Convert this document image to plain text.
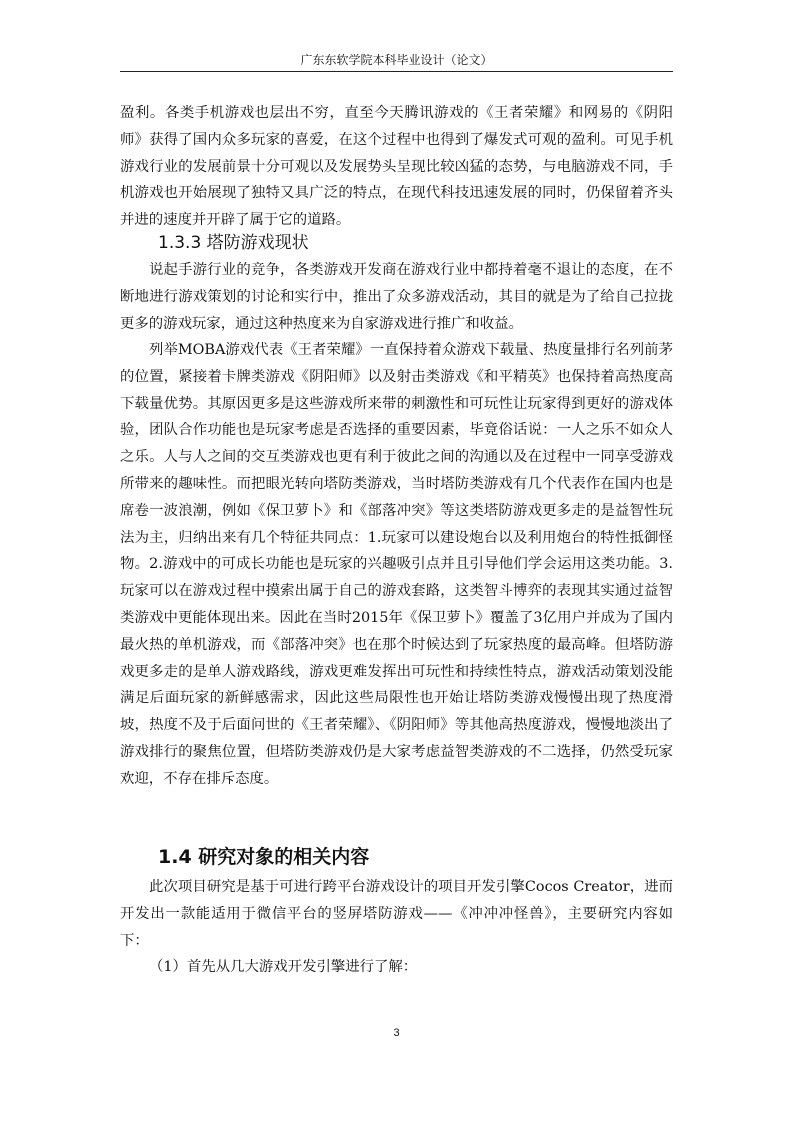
广东东软学院本科毕业设计（论文）

盈利。各类手机游戏也层出不穷，直至今天腾讯游戏的《王者荣耀》和网易的《阴阳师》获得了国内众多玩家的喜爱，在这个过程中也得到了爆发式可观的盈利。可见手机游戏行业的发展前景十分可观以及发展势头呈现比较凶猛的态势，与电脑游戏不同，手机游戏也开始展现了独特又具广泛的特点，在现代科技迅速发展的同时，仍保留着齐头并进的速度并开辟了属于它的道路。

1.3.3 塔防游戏现状

说起手游行业的竞争，各类游戏开发商在游戏行业中都持着毫不退让的态度，在不断地进行游戏策划的讨论和实行中，推出了众多游戏活动，其目的就是为了给自己拉拢更多的游戏玩家，通过这种热度来为自家游戏进行推广和收益。

列举MOBA游戏代表《王者荣耀》一直保持着众游戏下载量、热度量排行名列前茅的位置，紧接着卡牌类游戏《阴阳师》以及射击类游戏《和平精英》也保持着高热度高下载量优势。其原因更多是这些游戏所来带的刺激性和可玩性让玩家得到更好的游戏体验，团队合作功能也是玩家考虑是否选择的重要因素，毕竟俗话说：一人之乐不如众人之乐。人与人之间的交互类游戏也更有利于彼此之间的沟通以及在过程中一同享受游戏所带来的趣味性。而把眼光转向塔防类游戏，当时塔防类游戏有几个代表作在国内也是席卷一波浪潮，例如《保卫萝卜》和《部落冲突》等这类塔防游戏更多走的是益智性玩法为主，归纳出来有几个特征共同点：1.玩家可以建设炮台以及利用炮台的特性抵御怪物。2.游戏中的可成长功能也是玩家的兴趣吸引点并且引导他们学会运用这类功能。3.玩家可以在游戏过程中摸索出属于自己的游戏套路，这类智斗博弈的表现其实通过益智类游戏中更能体现出来。因此在当时2015年《保卫萝卜》覆盖了3亿用户并成为了国内最火热的单机游戏，而《部落冲突》也在那个时候达到了玩家热度的最高峰。但塔防游戏更多走的是单人游戏路线，游戏更难发挥出可玩性和持续性特点，游戏活动策划没能满足后面玩家的新鲜感需求，因此这些局限性也开始让塔防类游戏慢慢出现了热度滑坡，热度不及于后面问世的《王者荣耀》、《阴阳师》等其他高热度游戏，慢慢地淡出了游戏排行的聚焦位置，但塔防类游戏仍是大家考虑益智类游戏的不二选择，仍然受玩家欢迎，不存在排斥态度。

1.4 研究对象的相关内容

此次项目研究是基于可进行跨平台游戏设计的项目开发引擎Cocos Creator，进而开发出一款能适用于微信平台的竖屏塔防游戏——《冲冲冲怪兽》，主要研究内容如下：

（1）首先从几大游戏开发引擎进行了解：

3
